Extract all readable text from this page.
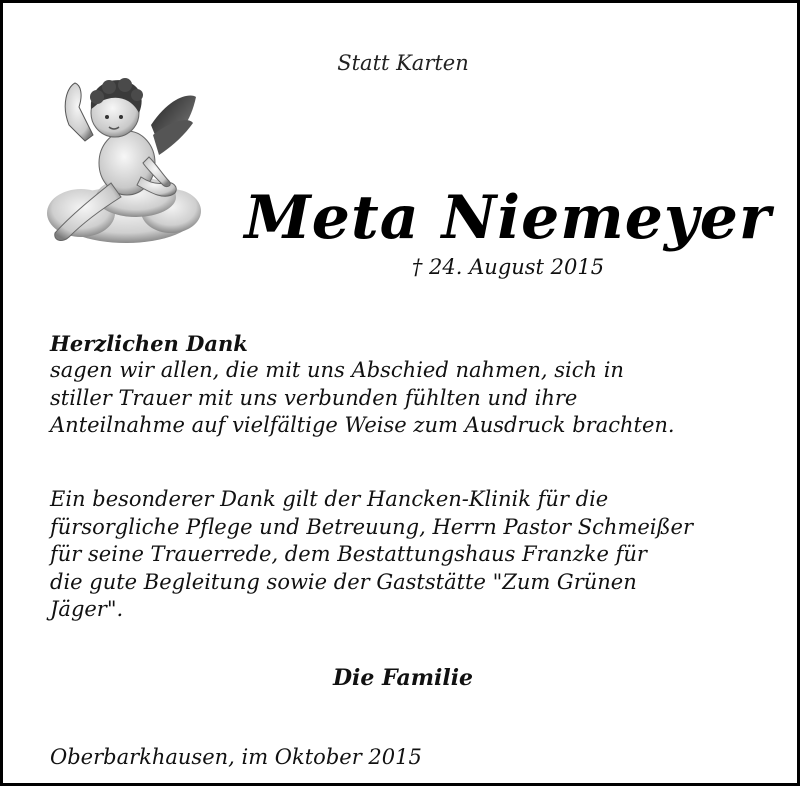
Statt Karten
Meta Niemeyer
† 24. August 2015
Herzlichen Dank
sagen wir allen, die mit uns Abschied nahmen, sich in
stiller Trauer mit uns verbunden fühlten und ihre
Anteilnahme auf vielfältige Weise zum Ausdruck brachten.
Ein besonderer Dank gilt der Hancken-Klinik für die
fürsorgliche Pflege und Betreuung, Herrn Pastor Schmeißer
für seine Trauerrede, dem Bestattungshaus Franzke für
die gute Begleitung sowie der Gaststätte "Zum Grünen
Jäger".
Die Familie
Oberbarkhausen, im Oktober 2015
